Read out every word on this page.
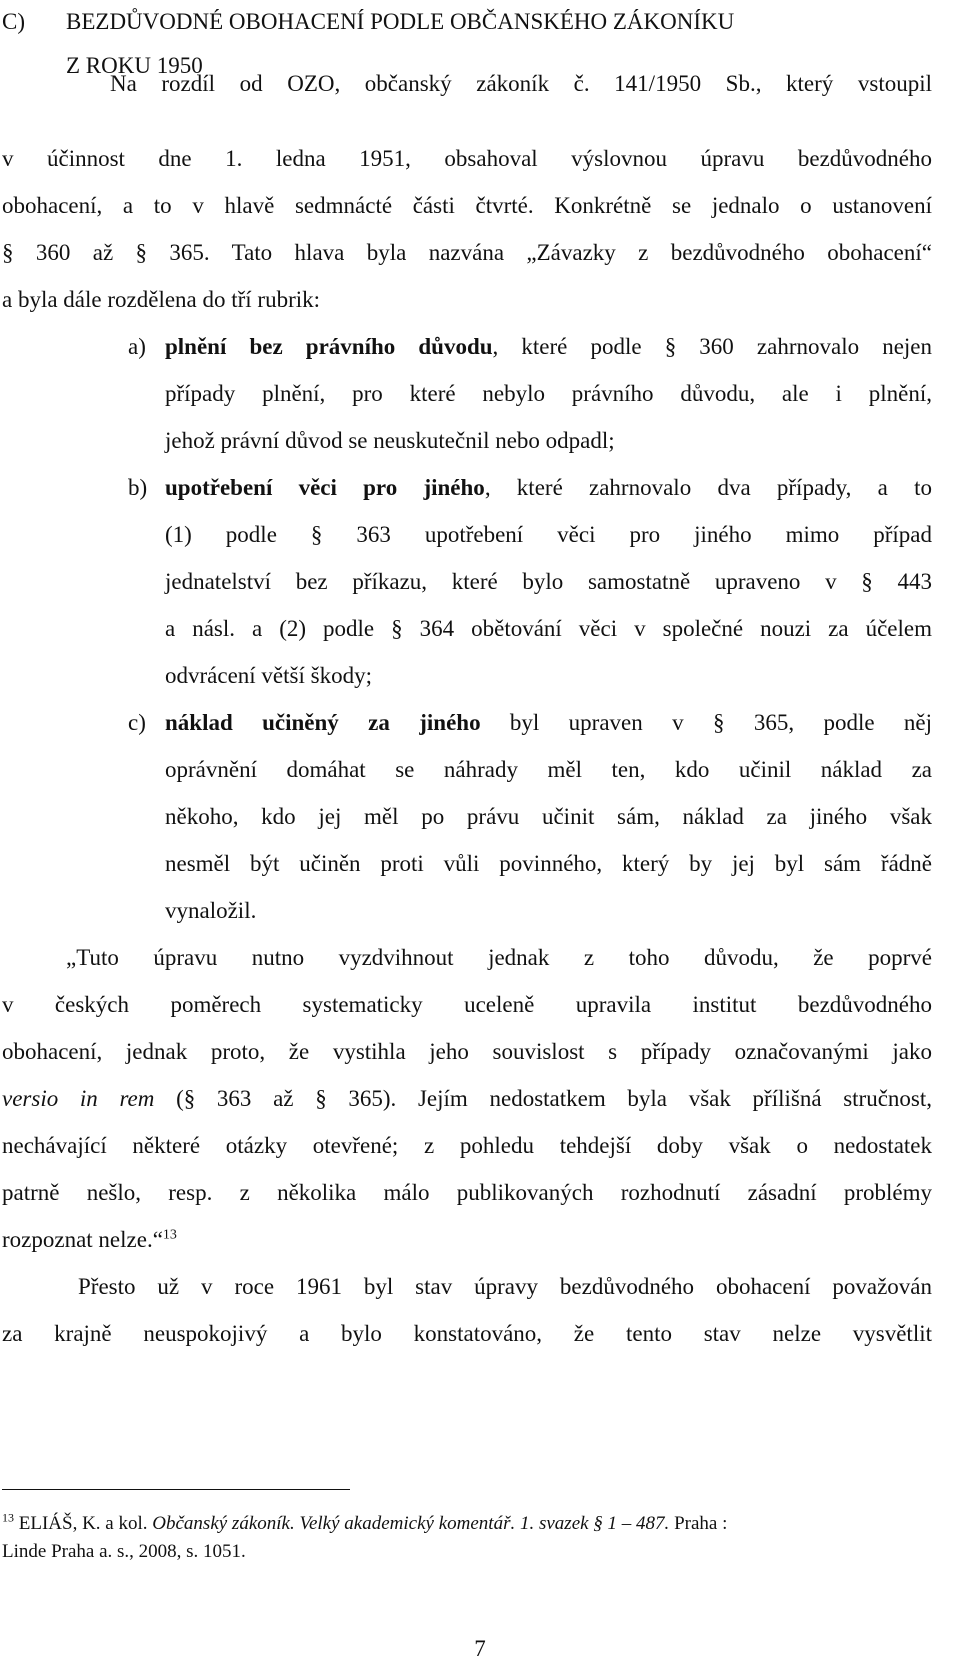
C) BEZDŮVODNÉ OBOHACENÍ PODLE OBČANSKÉHO ZÁKONÍKU
Z ROKU 1950
Na rozdíl od OZO, občanský zákoník č. 141/1950 Sb., který vstoupil
v účinnost dne 1. ledna 1951, obsahoval výslovnou úpravu bezdůvodného
obohacení, a to v hlavě sedmnácté části čtvrté. Konkrétně se jednalo o ustanovení
§ 360 až § 365. Tato hlava byla nazvána „Závazky z bezdůvodného obohacení“
a byla dále rozdělena do tří rubrik:
a) plnění bez právního důvodu, které podle § 360 zahrnovalo nejen
případy plnění, pro které nebylo právního důvodu, ale i plnění,
jehož právní důvod se neuskutečnil nebo odpadl;
b) upotřebení věci pro jiného, které zahrnovalo dva případy, a to
(1) podle § 363 upotřebení věci pro jiného mimo případ
jednatelství bez příkazu, které bylo samostatně upraveno v § 443
a násl. a (2) podle § 364 obětování věci v společné nouzi za účelem
odvrácení větší škody;
c) náklad učiněný za jiného byl upraven v § 365, podle něj
oprávnění domáhat se náhrady měl ten, kdo učinil náklad za
někoho, kdo jej měl po právu učinit sám, náklad za jiného však
nesměl být učiněn proti vůli povinného, který by jej byl sám řádně
vynaložil.
„Tuto úpravu nutno vyzdvihnout jednak z toho důvodu, že poprvé
v českých poměrech systematicky uceleně upravila institut bezdůvodného
obohacení, jednak proto, že vystihla jeho souvislost s případy označovanými jako
versio in rem (§ 363 až § 365). Jejím nedostatkem byla však přílišná stručnost,
nechávající některé otázky otevřené; z pohledu tehdejší doby však o nedostatek
patrně nešlo, resp. z několika málo publikovaných rozhodnutí zásadní problémy
rozpoznat nelze.“$^{13}$
Přesto už v roce 1961 byl stav úpravy bezdůvodného obohacení považován
za krajně neuspokojivý a bylo konstatováno, že tento stav nelze vysvětlit
$^{13}$ ELIÁŠ, K. a kol. Občanský zákoník. Velký akademický komentář. 1. svazek § 1 – 487. Praha :
Linde Praha a. s., 2008, s. 1051.
7
